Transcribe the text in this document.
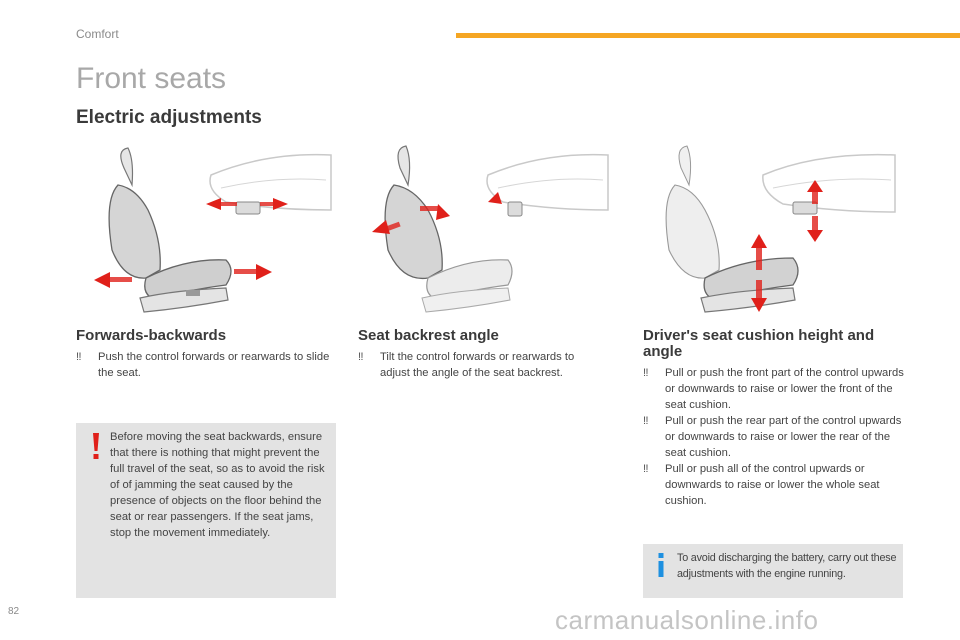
Comfort
Front seats
Electric adjustments
Forwards-backwards

‼ Push the control forwards or rearwards to slide the seat.

Seat backrest angle

‼ Tilt the control forwards or rearwards to adjust the angle of the seat backrest.

Driver's seat cushion height and angle

‼ Pull or push the front part of the control upwards or downwards to raise or lower the front of the seat cushion.

‼ Pull or push the rear part of the control upwards or downwards to raise or lower the rear of the seat cushion.

‼ Pull or push all of the control upwards or downwards to raise or lower the whole seat cushion.

Before moving the seat backwards, ensure that there is nothing that might prevent the full travel of the seat, so as to avoid the risk of of jamming the seat caused by the presence of objects on the floor behind the seat or rear passengers. If the seat jams, stop the movement immediately.
To avoid discharging the battery, carry out these adjustments with the engine running.
82	carmanualsonline.info
